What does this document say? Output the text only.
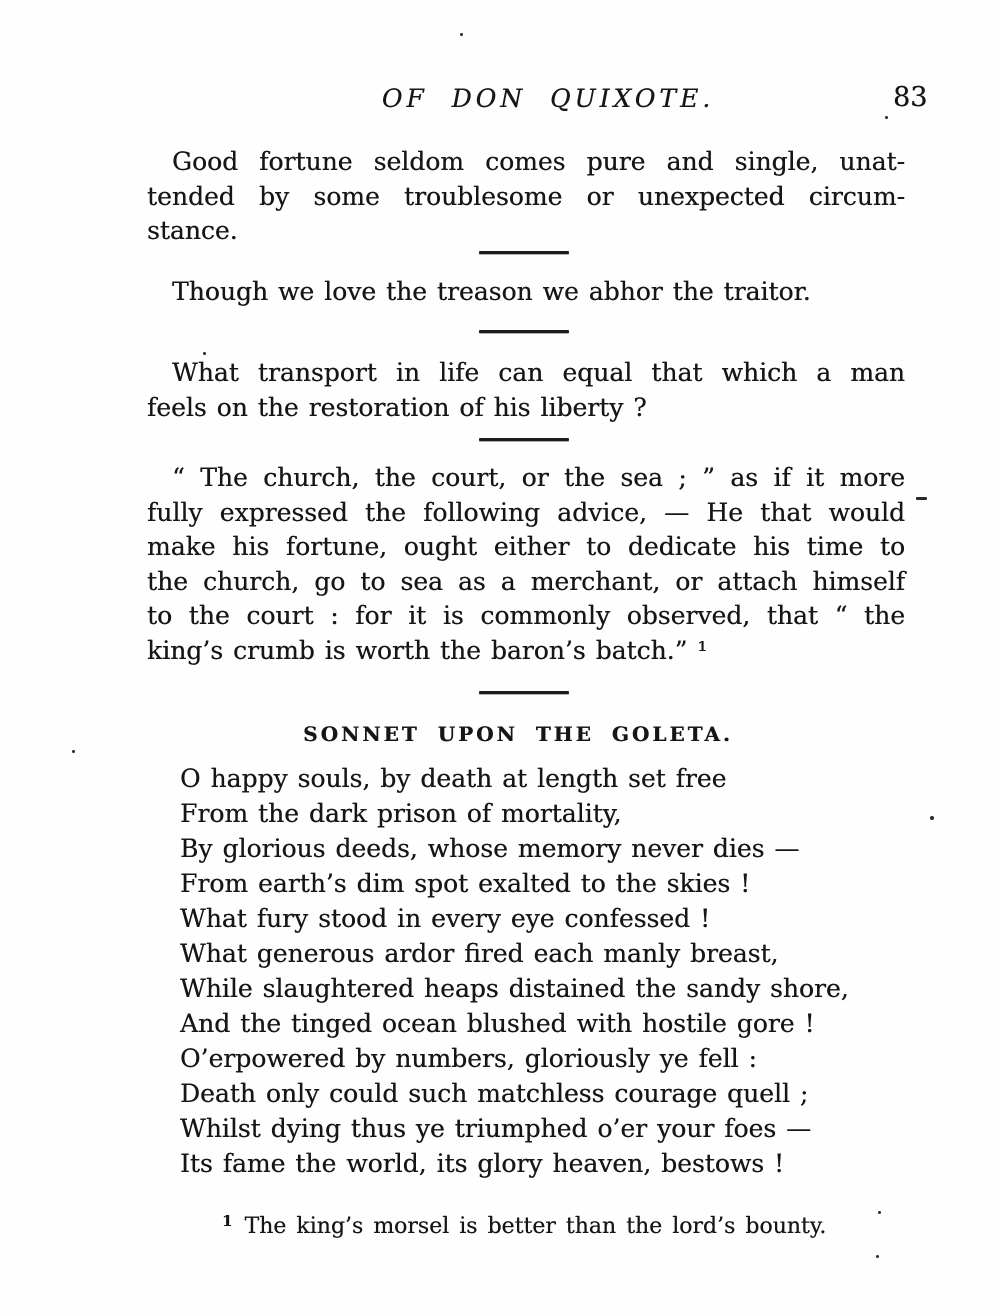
OF DON QUIXOTE.	83
Good fortune seldom comes pure and single, unat-
tended by some troublesome or unexpected circum-
stance.
Though we love the treason we abhor the traitor.
What transport in life can equal that which a man
feels on the restoration of his liberty ?
“ The church, the court, or the sea ; ” as if it more
fully expressed the following advice, — He that would
make his fortune, ought either to dedicate his time to
the church, go to sea as a merchant, or attach himself
to the court : for it is commonly observed, that “ the
king’s crumb is worth the baron’s batch.” ¹
SONNET UPON THE GOLETA.
O happy souls, by death at length set free
From the dark prison of mortality,
By glorious deeds, whose memory never dies —
From earth’s dim spot exalted to the skies !
What fury stood in every eye confessed !
What generous ardor fired each manly breast,
While slaughtered heaps distained the sandy shore,
And the tinged ocean blushed with hostile gore !
O’erpowered by numbers, gloriously ye fell :
Death only could such matchless courage quell ;
Whilst dying thus ye triumphed o’er your foes —
Its fame the world, its glory heaven, bestows !
$^1$ The king’s morsel is better than the lord’s bounty.
